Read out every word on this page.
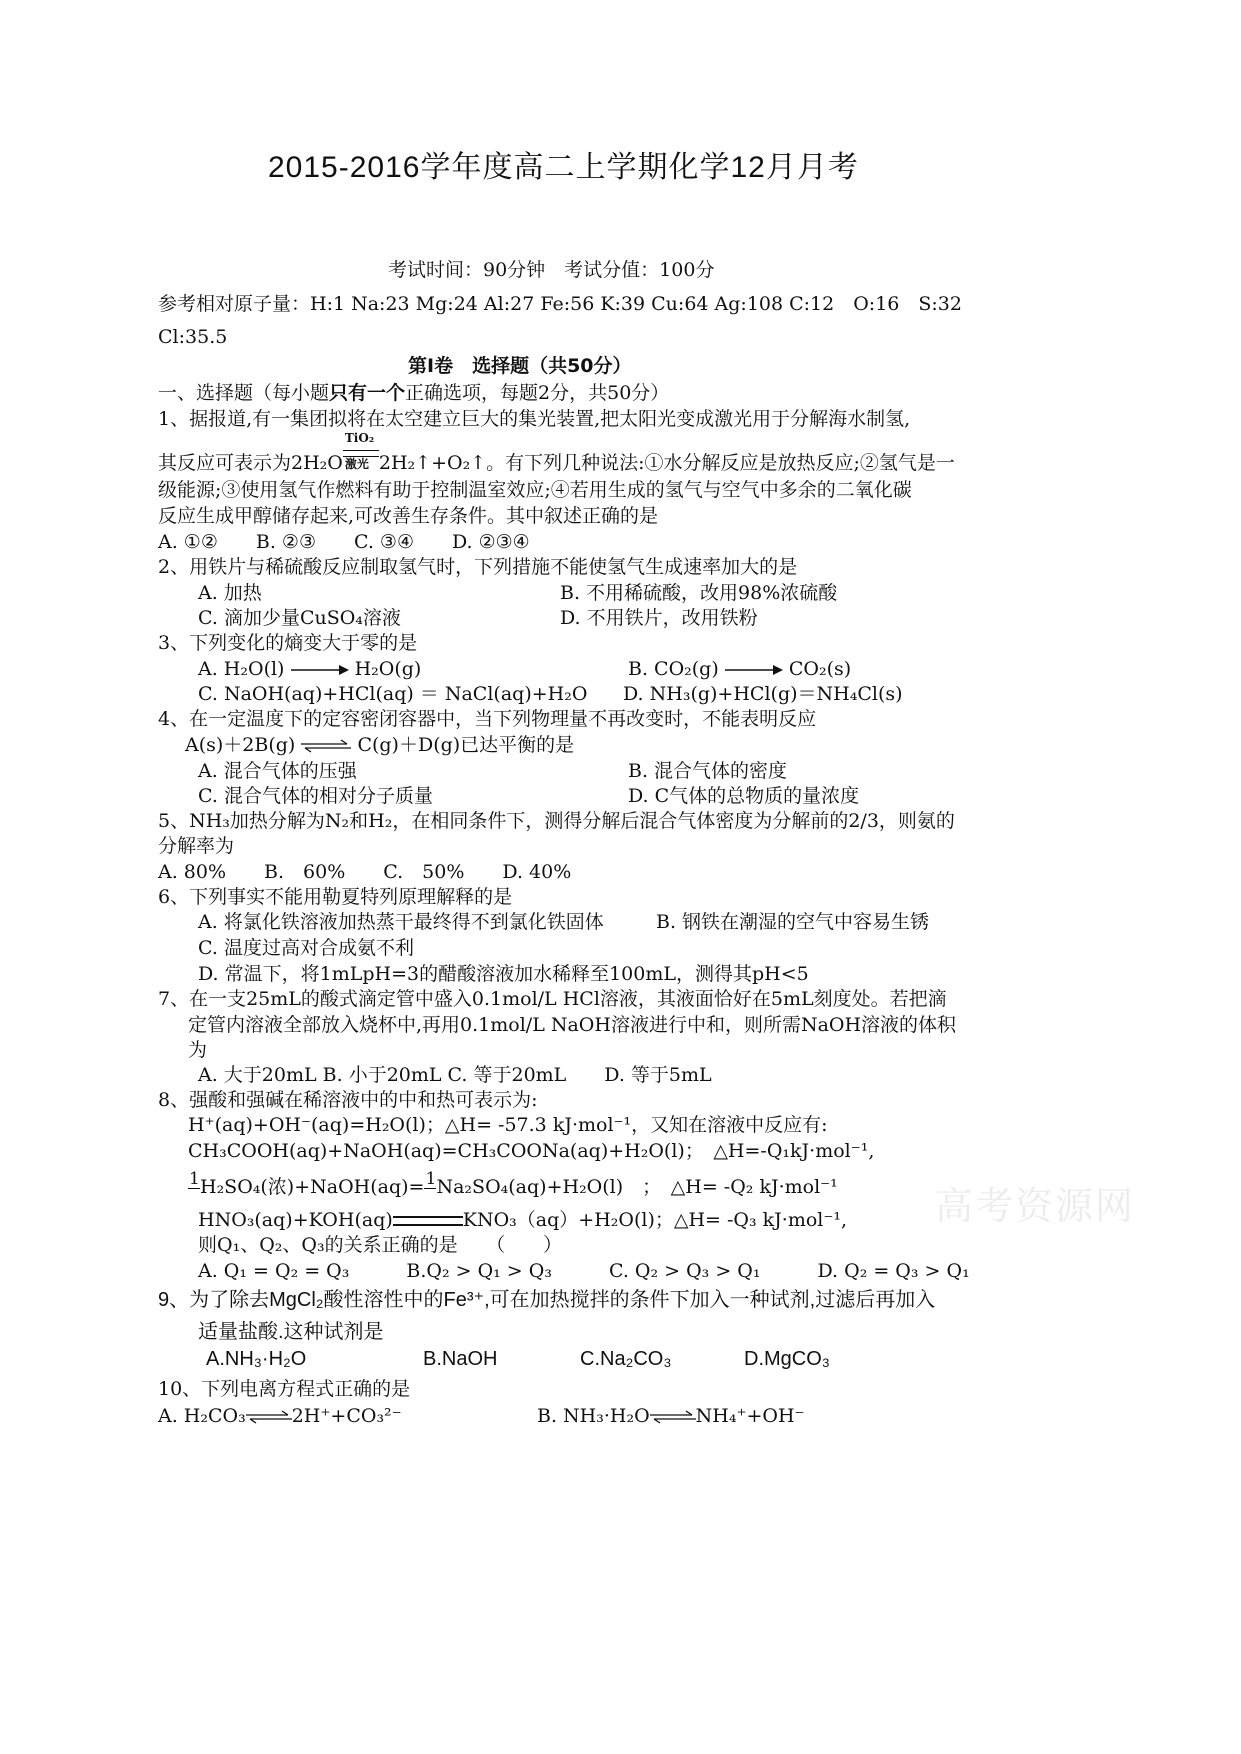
2015-2016学年度高二上学期化学12月月考
考试时间：90分钟　考试分值：100分
参考相对原子量：H:1 Na:23 Mg:24 Al:27 Fe:56 K:39 Cu:64 Ag:108 C:12　O:16　S:32
Cl:35.5
第Ⅰ卷　选择题（共50分）
一、选择题（每小题只有一个正确选项，每题2分，共50分）
1、据报道,有一集团拟将在太空建立巨大的集光装置,把太阳光变成激光用于分解海水制氢,
其反应可表示为2H₂O
TiO₂
激光 2H₂↑+O₂↑。有下列几种说法:①水分解反应是放热反应;②氢气是一
级能源;③使用氢气作燃料有助于控制温室效应;④若用生成的氢气与空气中多余的二氧化碳
反应生成甲醇储存起来,可改善生存条件。其中叙述正确的是
A. ①②　　B. ②③　　C. ③④　　D. ②③④
2、用铁片与稀硫酸反应制取氢气时，下列措施不能使氢气生成速率加大的是
A. 加热	B. 不用稀硫酸，改用98%浓硫酸
C. 滴加少量CuSO₄溶液	D. 不用铁片，改用铁粉
3、下列变化的熵变大于零的是
A. H₂O(l) → H₂O(g)	B. CO₂(g) → CO₂(s)
C. NaOH(aq)+HCl(aq) ＝ NaCl(aq)+H₂O D. NH₃(g)+HCl(g)＝NH₄Cl(s)
4、在一定温度下的定容密闭容器中，当下列物理量不再改变时，不能表明反应
A(s)＋2B(g) ⇌ C(g)＋D(g)已达平衡的是
A. 混合气体的压强	B. 混合气体的密度
C. 混合气体的相对分子质量	D. C气体的总物质的量浓度
5、NH₃加热分解为N₂和H₂，在相同条件下，测得分解后混合气体密度为分解前的2/3，则氨的
分解率为
A. 80%　　B.　60%　　C.　50%　　D. 40%
6、下列事实不能用勒夏特列原理解释的是
A. 将氯化铁溶液加热蒸干最终得不到氯化铁固体	B. 钢铁在潮湿的空气中容易生锈
C. 温度过高对合成氨不利
D. 常温下，将1mLpH=3的醋酸溶液加水稀释至100mL，测得其pH<5
7、在一支25mL的酸式滴定管中盛入0.1mol/L HCl溶液，其液面恰好在5mL刻度处。若把滴
定管内溶液全部放入烧杯中,再用0.1mol/L NaOH溶液进行中和，则所需NaOH溶液的体积
为
A. 大于20mL B. 小于20mL C. 等于20mL　　D. 等于5mL
高考资源网
8、强酸和强碱在稀溶液中的中和热可表示为:
H⁺(aq)+OH⁻(aq)=H₂O(l)；△H= -57.3 kJ·mol⁻¹，又知在溶液中反应有:
CH₃COOH(aq)+NaOH(aq)=CH₃COONa(aq)+H₂O(l)；　△H=-Q₁kJ·mol⁻¹,
1 H₂SO₄(浓)+NaOH(aq)= 1 Na₂SO₄(aq)+H₂O(l)　；　△H= -Q₂ kJ·mol⁻¹
HNO₃(aq)+KOH(aq)	KNO₃（aq）+H₂O(l)；△H= -Q₃ kJ·mol⁻¹,
则Q₁、Q₂、Q₃的关系正确的是　　（　　）
A. Q₁ = Q₂ = Q₃　　　B.Q₂ > Q₁ > Q₃　　　C. Q₂ > Q₃ > Q₁　　　D. Q₂ = Q₃ > Q₁
9、为了除去MgCl₂酸性溶性中的Fe³⁺,可在加热搅拌的条件下加入一种试剂,过滤后再加入
适量盐酸.这种试剂是
A.NH₃·H₂O	B.NaOH	C.Na₂CO₃	D.MgCO₃
10、下列电离方程式正确的是
A. H₂CO₃⇌2H⁺+CO₃²⁻	B. NH₃·H₂O⇌NH₄⁺+OH⁻
